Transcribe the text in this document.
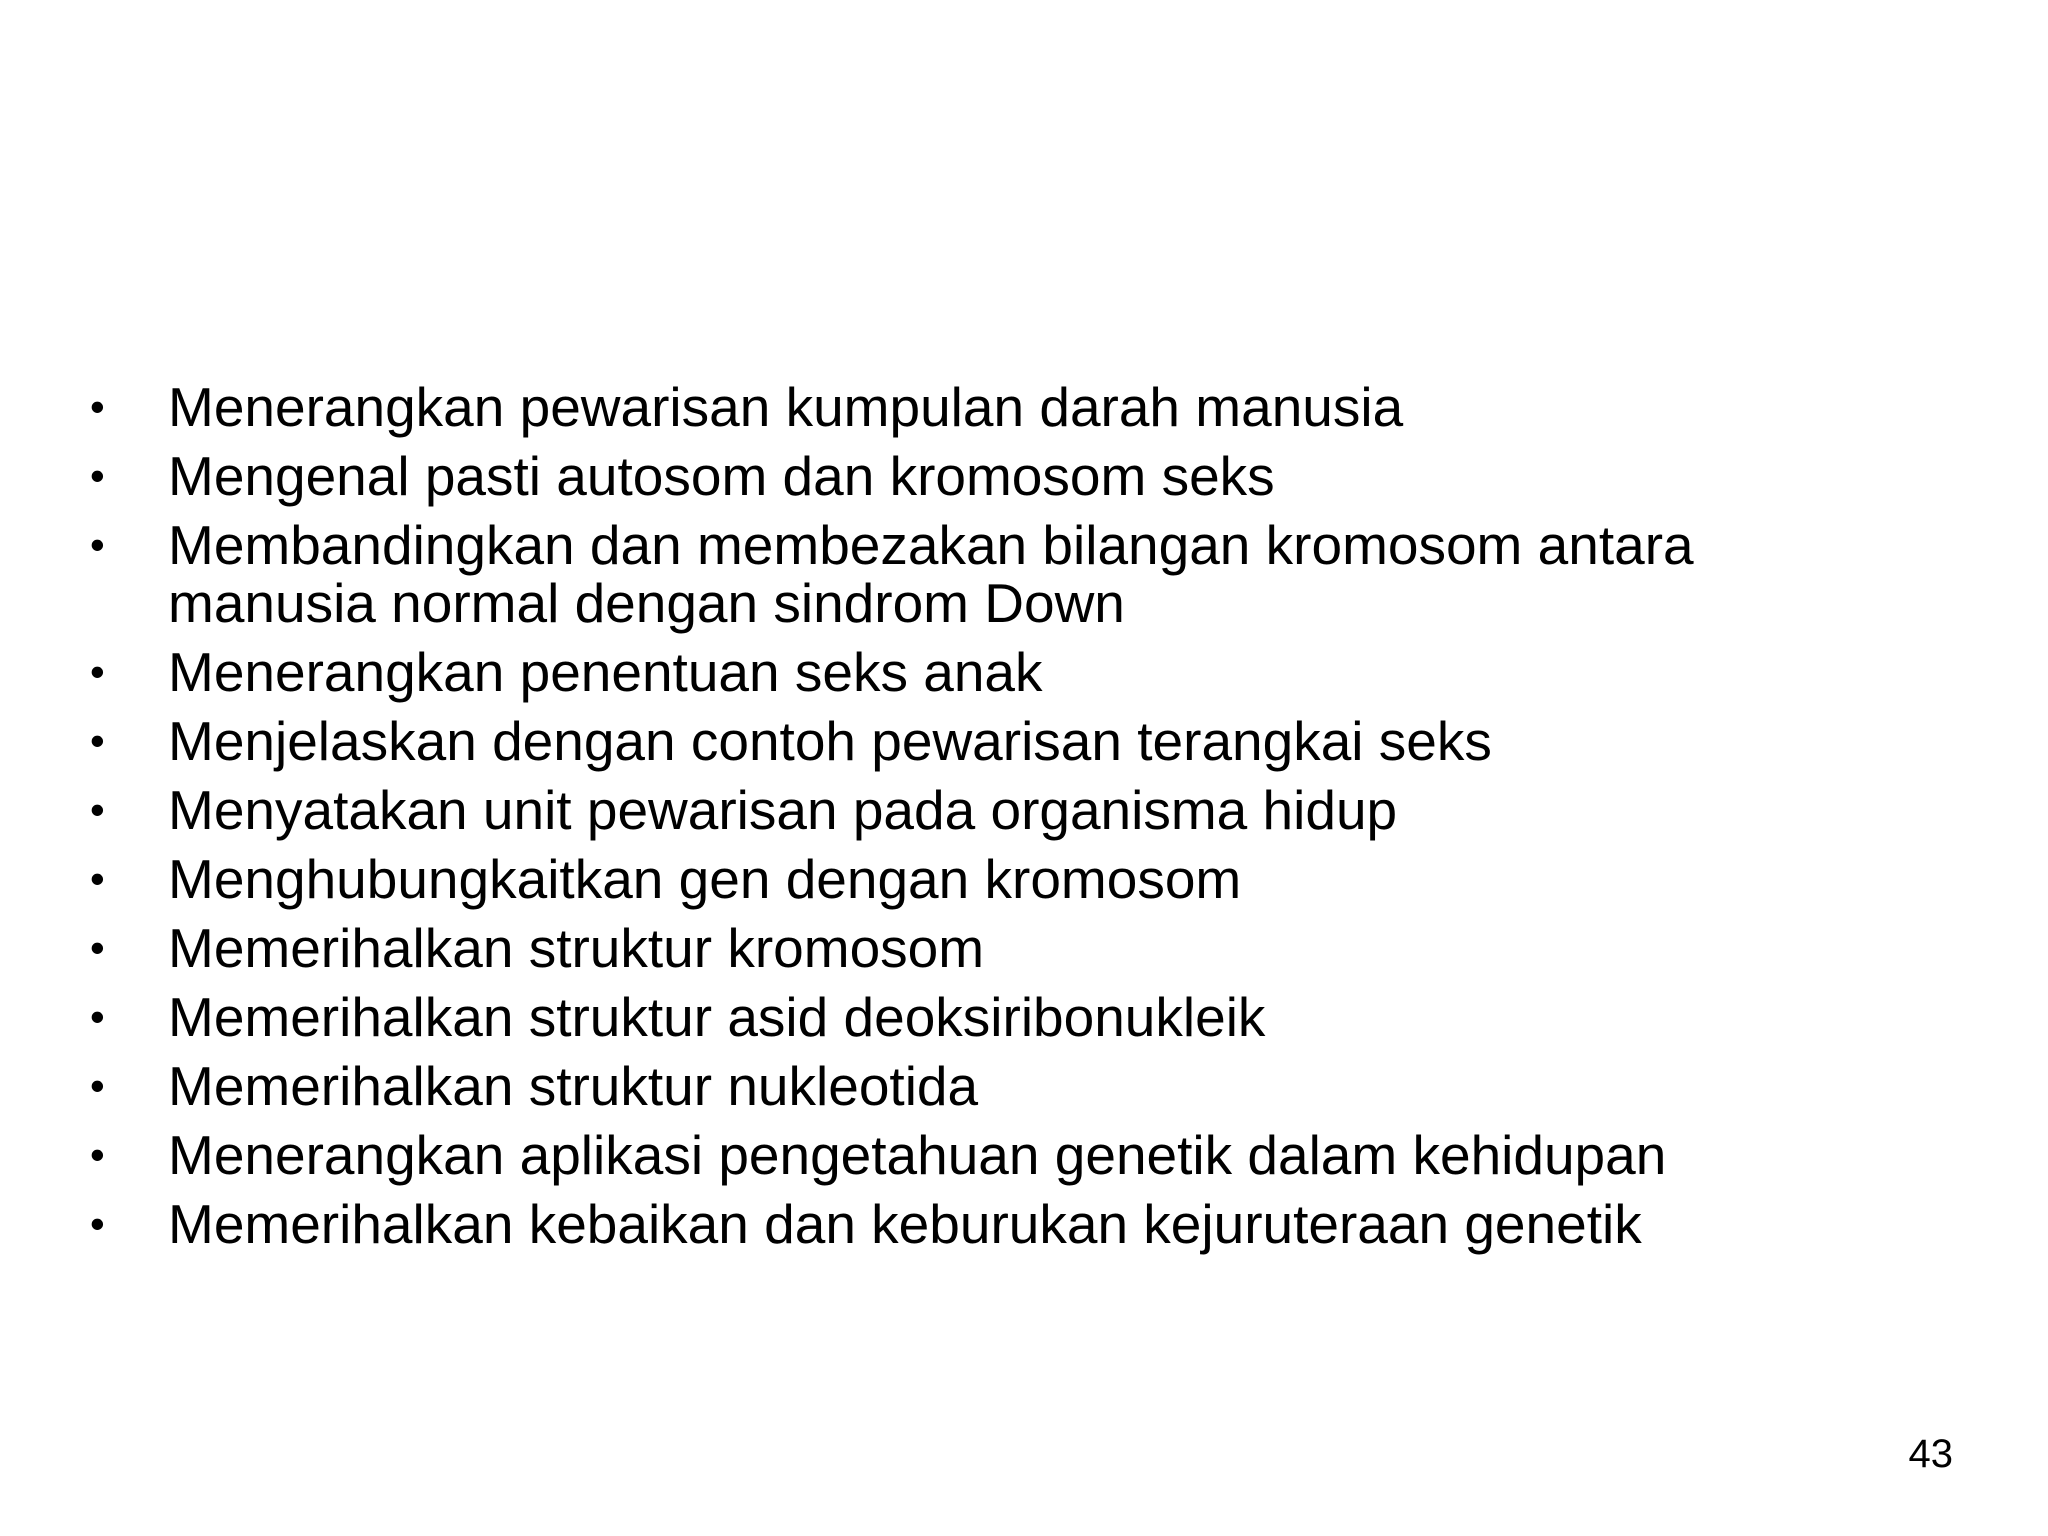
•	Menerangkan pewarisan kumpulan darah manusia
•	Mengenal pasti autosom dan kromosom seks
•	Membandingkan dan membezakan bilangan kromosom antara manusia normal dengan sindrom Down
•	Menerangkan penentuan seks anak
•	Menjelaskan dengan contoh pewarisan terangkai seks
•	Menyatakan unit pewarisan pada organisma hidup
•	Menghubungkaitkan gen dengan kromosom
•	Memerihalkan struktur kromosom
•	Memerihalkan struktur asid deoksiribonukleik
•	Memerihalkan struktur nukleotida
•	Menerangkan aplikasi pengetahuan genetik dalam kehidupan
•	Memerihalkan kebaikan dan keburukan kejuruteraan genetik
43
